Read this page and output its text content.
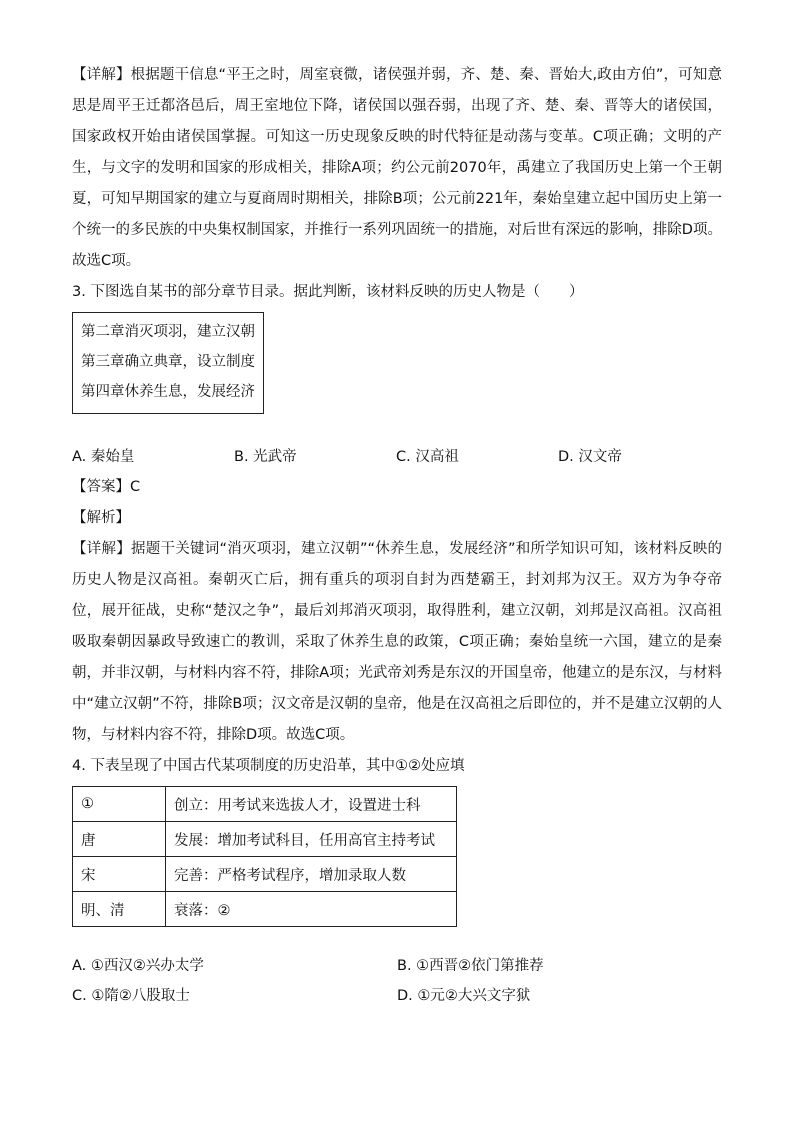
【详解】根据题干信息“平王之时，周室衰微，诸侯强并弱，齐、楚、秦、晋始大,政由方伯”，可知意思是周平王迁都洛邑后，周王室地位下降，诸侯国以强吞弱，出现了齐、楚、秦、晋等大的诸侯国，国家政权开始由诸侯国掌握。可知这一历史现象反映的时代特征是动荡与变革。C项正确；文明的产生，与文字的发明和国家的形成相关，排除A项；约公元前2070年，禹建立了我国历史上第一个王朝夏，可知早期国家的建立与夏商周时期相关，排除B项；公元前221年，秦始皇建立起中国历史上第一个统一的多民族的中央集权制国家，并推行一系列巩固统一的措施，对后世有深远的影响，排除D项。故选C项。

3. 下图选自某书的部分章节目录。据此判断，该材料反映的历史人物是（　　）

第二章消灭项羽，建立汉朝
第三章确立典章，设立制度
第四章休养生息，发展经济
A. 秦始皇	B. 光武帝	C. 汉高祖	D. 汉文帝

【答案】C

【解析】

【详解】据题干关键词“消灭项羽，建立汉朝”“休养生息，发展经济”和所学知识可知，该材料反映的历史人物是汉高祖。秦朝灭亡后，拥有重兵的项羽自封为西楚霸王，封刘邦为汉王。双方为争夺帝位，展开征战，史称“楚汉之争”，最后刘邦消灭项羽，取得胜利，建立汉朝，刘邦是汉高祖。汉高祖吸取秦朝因暴政导致速亡的教训，采取了休养生息的政策，C项正确；秦始皇统一六国，建立的是秦朝，并非汉朝，与材料内容不符，排除A项；光武帝刘秀是东汉的开国皇帝，他建立的是东汉，与材料中“建立汉朝”不符，排除B项；汉文帝是汉朝的皇帝，他是在汉高祖之后即位的，并不是建立汉朝的人物，与材料内容不符，排除D项。故选C项。

4. 下表呈现了中国古代某项制度的历史沿革，其中①②处应填

①	创立：用考试来选拔人才，设置进士科
唐	发展：增加考试科目，任用高官主持考试
宋	完善：严格考试程序，增加录取人数
明、清	衰落：②
A. ①西汉②兴办太学	B. ①西晋②依门第推荐
C. ①隋②八股取士	D. ①元②大兴文字狱
